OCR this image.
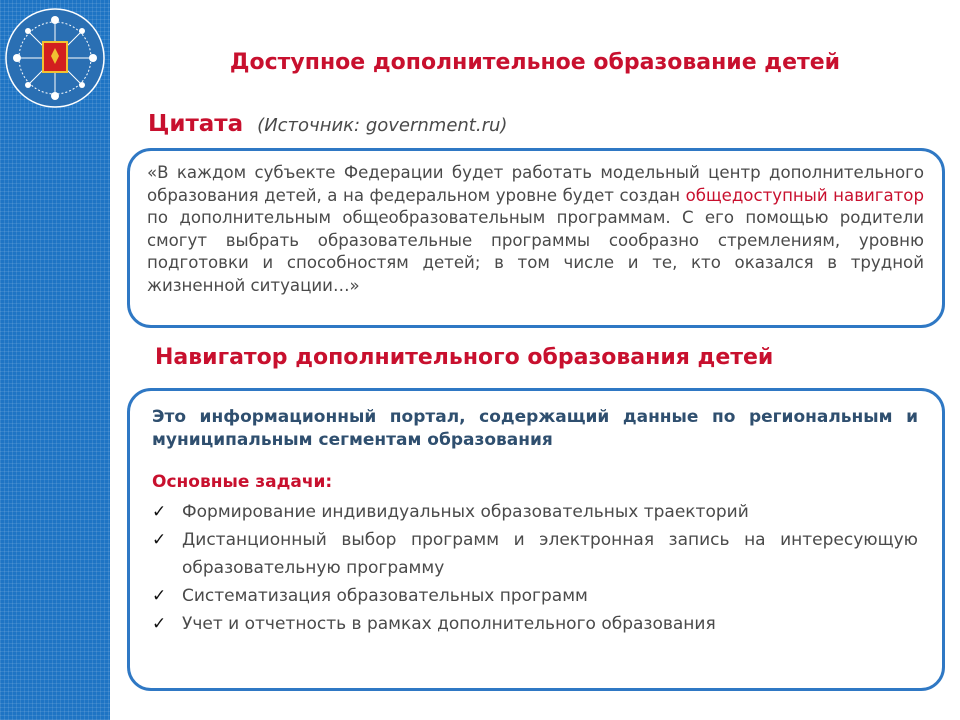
Доступное дополнительное образование детей
Цитата (Источник: government.ru)
«В каждом субъекте Федерации будет работать модельный центр дополнительного образования детей, а на федеральном уровне будет создан общедоступный навигатор по дополнительным общеобразовательным программам. С его помощью родители смогут выбрать образовательные программы сообразно стремлениям, уровню подготовки и способностям детей; в том числе и те, кто оказался в трудной жизненной ситуации…»
Навигатор дополнительного образования детей
Это информационный портал, содержащий данные по региональным и муниципальным сегментам образования
Основные задачи:
✓ Формирование индивидуальных образовательных траекторий
✓ Дистанционный выбор программ и электронная запись на интересующую образовательную программу
✓ Систематизация образовательных программ
✓ Учет и отчетность в рамках дополнительного образования
